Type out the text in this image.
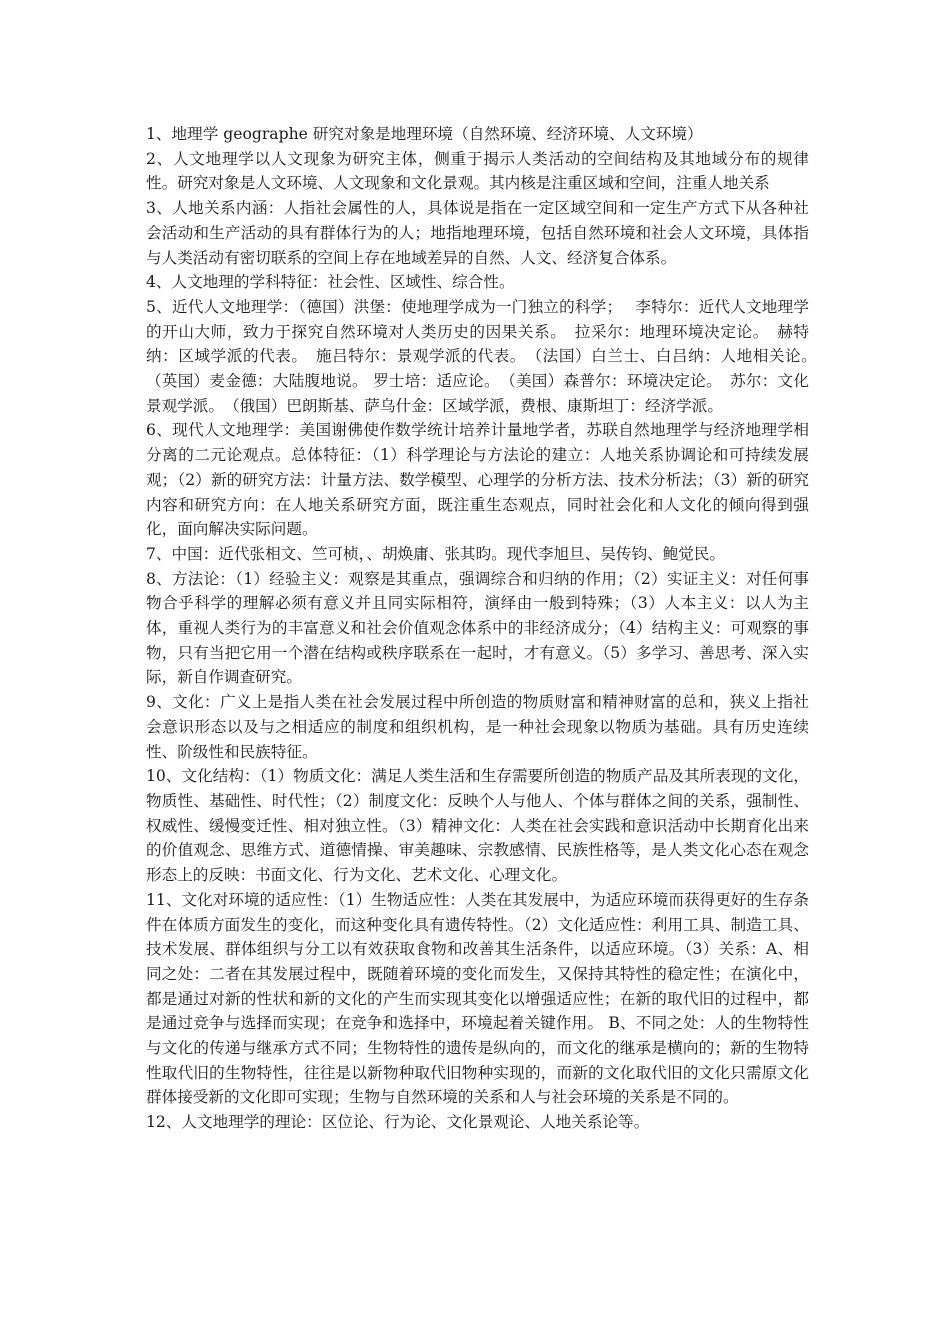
1、地理学 geographe 研究对象是地理环境（自然环境、经济环境、人文环境）

2、人文地理学以人文现象为研究主体，侧重于揭示人类活动的空间结构及其地域分布的规律性。研究对象是人文环境、人文现象和文化景观。其内核是注重区域和空间，注重人地关系

3、人地关系内涵：人指社会属性的人，具体说是指在一定区域空间和一定生产方式下从各种社会活动和生产活动的具有群体行为的人；地指地理环境，包括自然环境和社会人文环境，具体指与人类活动有密切联系的空间上存在地域差异的自然、人文、经济复合体系。

4、人文地理的学科特征：社会性、区域性、综合性。

5、近代人文地理学：（德国）洪堡：使地理学成为一门独立的科学；　 李特尔：近代人文地理学的开山大师，致力于探究自然环境对人类历史的因果关系。　拉采尔：地理环境决定论。　赫特纳：区域学派的代表。　施吕特尔：景观学派的代表。　（法国）白兰士、白吕纳：人地相关论。　（英国）麦金德：大陆腹地说。 罗士培：适应论。　（美国）森普尔：环境决定论。　苏尔：文化景观学派。　（俄国）巴朗斯基、萨乌什金：区域学派，费根、康斯坦丁：经济学派。

6、现代人文地理学：美国谢佛使作数学统计培养计量地学者，苏联自然地理学与经济地理学相分离的二元论观点。总体特征：（1）科学理论与方法论的建立：人地关系协调论和可持续发展观；（2）新的研究方法：计量方法、数学模型、心理学的分析方法、技术分析法；（3）新的研究内容和研究方向：在人地关系研究方面，既注重生态观点，同时社会化和人文化的倾向得到强化，面向解决实际问题。

7、中国：近代张相文、竺可桢，、胡焕庸、张其昀。现代李旭旦、吴传钧、鲍觉民。

8、方法论：（1）经验主义：观察是其重点，强调综合和归纳的作用；（2）实证主义：对任何事物合乎科学的理解必须有意义并且同实际相符，演绎由一般到特殊；（3）人本主义：以人为主体，重视人类行为的丰富意义和社会价值观念体系中的非经济成分；（4）结构主义：可观察的事物，只有当把它用一个潜在结构或秩序联系在一起时，才有意义。（5）多学习、善思考、深入实际，新自作调查研究。

9、文化：广义上是指人类在社会发展过程中所创造的物质财富和精神财富的总和，狭义上指社会意识形态以及与之相适应的制度和组织机构，是一种社会现象以物质为基础。具有历史连续性、阶级性和民族特征。

10、文化结构：（1）物质文化：满足人类生活和生存需要所创造的物质产品及其所表现的文化，物质性、基础性、时代性；（2）制度文化：反映个人与他人、个体与群体之间的关系，强制性、权威性、缓慢变迁性、相对独立性。（3）精神文化：人类在社会实践和意识活动中长期育化出来的价值观念、思维方式、道德情操、审美趣味、宗教感情、民族性格等，是人类文化心态在观念形态上的反映：书面文化、行为文化、艺术文化、心理文化。

11、文化对环境的适应性：（1）生物适应性：人类在其发展中，为适应环境而获得更好的生存条件在体质方面发生的变化，而这种变化具有遗传特性。（2）文化适应性：利用工具、制造工具、技术发展、群体组织与分工以有效获取食物和改善其生活条件，以适应环境。（3）关系：A、相同之处：二者在其发展过程中，既随着环境的变化而发生，又保持其特性的稳定性；在演化中，都是通过对新的性状和新的文化的产生而实现其变化以增强适应性；在新的取代旧的过程中，都是通过竞争与选择而实现；在竞争和选择中，环境起着关键作用。 B、不同之处：人的生物特性与文化的传递与继承方式不同；生物特性的遗传是纵向的，而文化的继承是横向的；新的生物特性取代旧的生物特性，往往是以新物种取代旧物种实现的，而新的文化取代旧的文化只需原文化群体接受新的文化即可实现；生物与自然环境的关系和人与社会环境的关系是不同的。

12、人文地理学的理论：区位论、行为论、文化景观论、人地关系论等。
